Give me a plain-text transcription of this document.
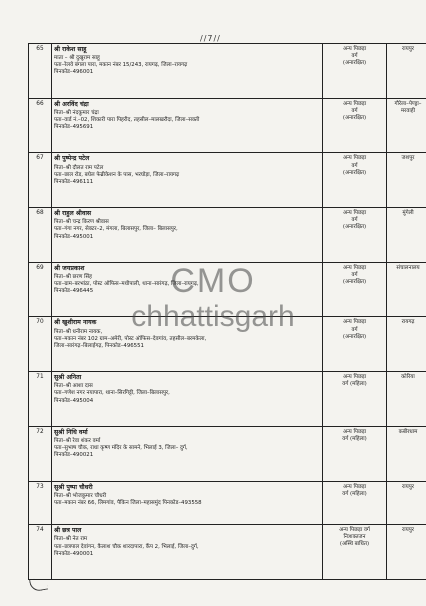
//7//
65	श्री राकेश साहू
माता – श्री दुखुराम साहू
पता–रेलवे बंगला पारा, मकान नंबर 15/243, रायगढ़, जिला–रायगढ़
पिनकोड–496001	अन्य पिछड़ा
वर्ग
(अनारक्षित)	रायपुर
66	श्री अरविंद चंद्रा
पिता–श्री नंदकुमार चंद्रा
पता–वार्ड नं.–02, शिकारी पारा पिहरीद, तहसील–मालखरौदा, जिला–सक्ती
पिनकोड–495691	अन्य पिछड़ा
वर्ग
(अनारक्षित)	गौरेला–पेण्ड्रा–मरवाही
67	श्री पुष्पेन्द्र पटेल
पिता–श्री दौलत राम पटेल
पता–छाल रोड, बघेल फेब्रीकेशन के पास, भरघोड़ा, जिला–रायगढ़
पिनकोड–496111	अन्य पिछड़ा
वर्ग
(अनारक्षित)	जशपुर
68	श्री राहुल श्रीवास
पिता–श्री चन्द्र किरण श्रीवास
पता–गंगा नगर, सेक्टर–2, मंगला, बिलासपुर, जिला– बिलासपुर,
पिनकोड–495001	अन्य पिछड़ा
वर्ग
(अनारक्षित)	मुंगेली
69	श्री जयप्रकाश
पिता–श्री छरण सिंह
पता–ग्राम–बरभांठा, पोस्ट ऑफिस–मधीपाली, थाना–सारंगढ़, जिला–रायगढ़,
पिनकोड–496445	अन्य पिछड़ा
वर्ग
(अनारक्षित)	संचालनालय
70	श्री खुशीराम नायक
पिता–श्री धनीराम नायक,
पता–मकान नंबर 102 ग्राम–अमेरी, पोस्ट ऑफिस–देवगांव, तहसील–बरमकेला,
जिला–सारंगढ़–बिलाईगढ़, पिनकोड–496551	अन्य पिछड़ा
वर्ग
(अनारक्षित)	रायगढ़
71	सुश्री अनिता
पिता–श्री आशा दास
पता–गणेश नगर नयापारा, थाना–सिरगिट्टी, जिला–बिलासपुर,
पिनकोड–495004	अन्य पिछड़ा
वर्ग (महिला)	कोरिया
72	सुश्री निधि वर्मा
पिता–श्री रेवा शंकर वर्मा
पता–सुभाष चौक, राधा कृष्ण मंदिर के सामने, भिलाई 3, जिला– दुर्ग,
पिनकोड–490021	अन्य पिछड़ा
वर्ग (महिला)	कबीरधाम
73	सुश्री पुष्पा चौधरी
पिता–श्री भोजकुमार चौधरी
पता–मकान नंबर 66, लिमगांव, पैकिन जिला–महासमुंद पिनकोड–493558	अन्य पिछड़ा
वर्ग (महिला)	रायपुर
74	श्री छत्र पाल
पिता–श्री नेत राम
पता–छत्रपाल देवांगन, कैलाश चौक शारदापारा, कैंप 2, भिलाई, जिला–दुर्ग,
पिनकोड–490001	अन्य पिछड़ा वर्ग
निःशक्तजन
(अस्थि बाधित)	रायपुर
CMO
chhattisgarh
